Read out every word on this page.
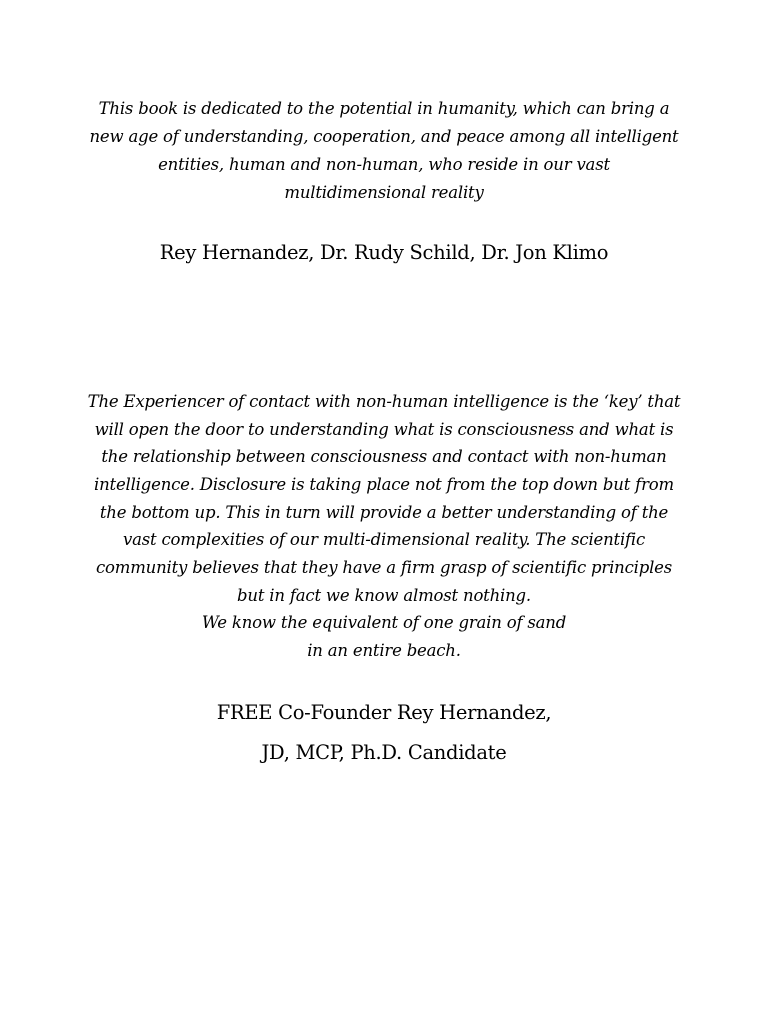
This book is dedicated to the potential in humanity, which can bring a
new age of understanding, cooperation, and peace among all intelligent
entities, human and non-human, who reside in our vast
multidimensional reality
Rey Hernandez, Dr. Rudy Schild, Dr. Jon Klimo
The Experiencer of contact with non-human intelligence is the ‘key’ that
will open the door to understanding what is consciousness and what is
the relationship between consciousness and contact with non-human
intelligence. Disclosure is taking place not from the top down but from
the bottom up. This in turn will provide a better understanding of the
vast complexities of our multi-dimensional reality. The scientific
community believes that they have a firm grasp of scientific principles
but in fact we know almost nothing.
We know the equivalent of one grain of sand
in an entire beach.
FREE Co-Founder Rey Hernandez,
JD, MCP, Ph.D. Candidate
